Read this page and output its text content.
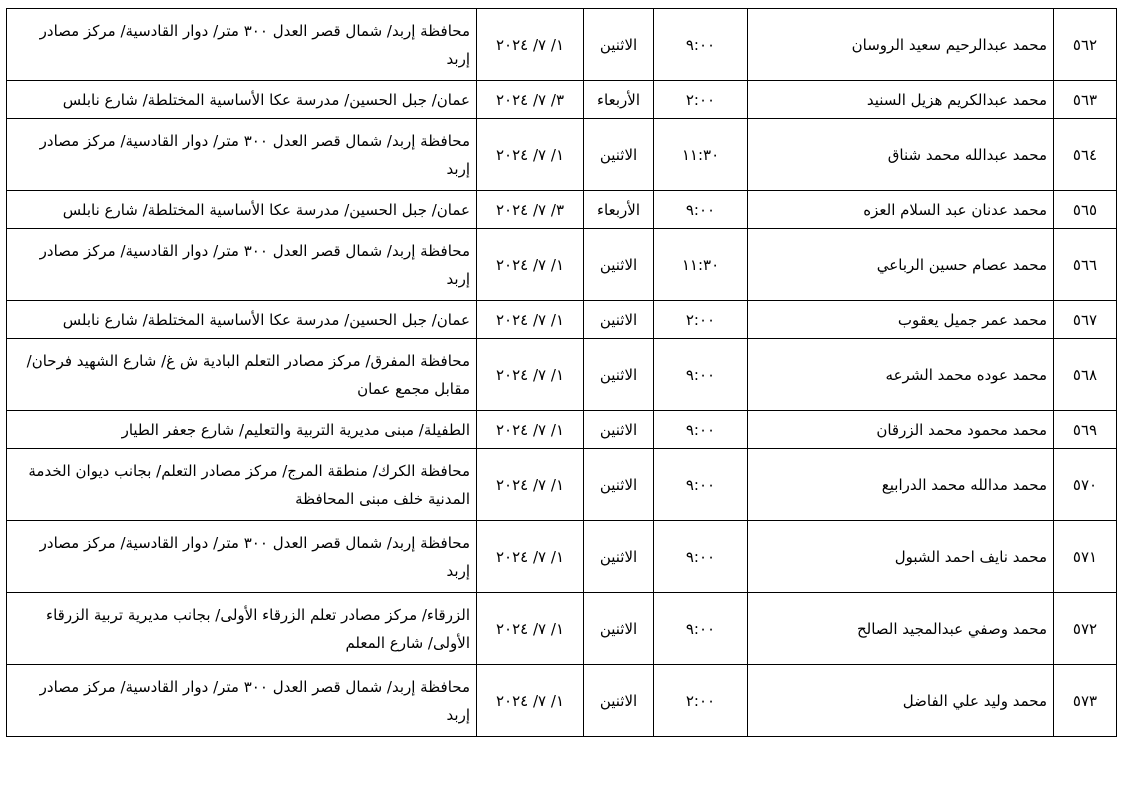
٥٦٢	محمد عبدالرحيم سعيد الروسان	٩:٠٠	الاثنين	١/ ٧/ ٢٠٢٤	محافظة إربد/ شمال قصر العدل ٣٠٠ متر/ دوار القادسية/ مركز مصادر إربد
٥٦٣	محمد عبدالكريم هزيل السنيد	٢:٠٠	الأربعاء	٣/ ٧/ ٢٠٢٤	عمان/ جبل الحسين/ مدرسة عكا الأساسية المختلطة/ شارع نابلس
٥٦٤	محمد عبدالله محمد شناق	١١:٣٠	الاثنين	١/ ٧/ ٢٠٢٤	محافظة إربد/ شمال قصر العدل ٣٠٠ متر/ دوار القادسية/ مركز مصادر إربد
٥٦٥	محمد عدنان عبد السلام العزه	٩:٠٠	الأربعاء	٣/ ٧/ ٢٠٢٤	عمان/ جبل الحسين/ مدرسة عكا الأساسية المختلطة/ شارع نابلس
٥٦٦	محمد عصام حسين الرباعي	١١:٣٠	الاثنين	١/ ٧/ ٢٠٢٤	محافظة إربد/ شمال قصر العدل ٣٠٠ متر/ دوار القادسية/ مركز مصادر إربد
٥٦٧	محمد عمر جميل يعقوب	٢:٠٠	الاثنين	١/ ٧/ ٢٠٢٤	عمان/ جبل الحسين/ مدرسة عكا الأساسية المختلطة/ شارع نابلس
٥٦٨	محمد عوده محمد الشرعه	٩:٠٠	الاثنين	١/ ٧/ ٢٠٢٤	محافظة المفرق/ مركز مصادر التعلم البادية ش غ/ شارع الشهيد فرحان/ مقابل مجمع عمان
٥٦٩	محمد محمود محمد الزرقان	٩:٠٠	الاثنين	١/ ٧/ ٢٠٢٤	الطفيلة/ مبنى مديرية التربية والتعليم/ شارع جعفر الطيار
٥٧٠	محمد مدالله محمد الدرابيع	٩:٠٠	الاثنين	١/ ٧/ ٢٠٢٤	محافظة الكرك/ منطقة المرج/ مركز مصادر التعلم/ بجانب ديوان الخدمة المدنية خلف مبنى المحافظة
٥٧١	محمد نايف احمد الشبول	٩:٠٠	الاثنين	١/ ٧/ ٢٠٢٤	محافظة إربد/ شمال قصر العدل ٣٠٠ متر/ دوار القادسية/ مركز مصادر إربد
٥٧٢	محمد وصفي عبدالمجيد الصالح	٩:٠٠	الاثنين	١/ ٧/ ٢٠٢٤	الزرقاء/ مركز مصادر تعلم الزرقاء الأولى/ بجانب مديرية تربية الزرقاء الأولى/ شارع المعلم
٥٧٣	محمد وليد علي الفاضل	٢:٠٠	الاثنين	١/ ٧/ ٢٠٢٤	محافظة إربد/ شمال قصر العدل ٣٠٠ متر/ دوار القادسية/ مركز مصادر إربد
